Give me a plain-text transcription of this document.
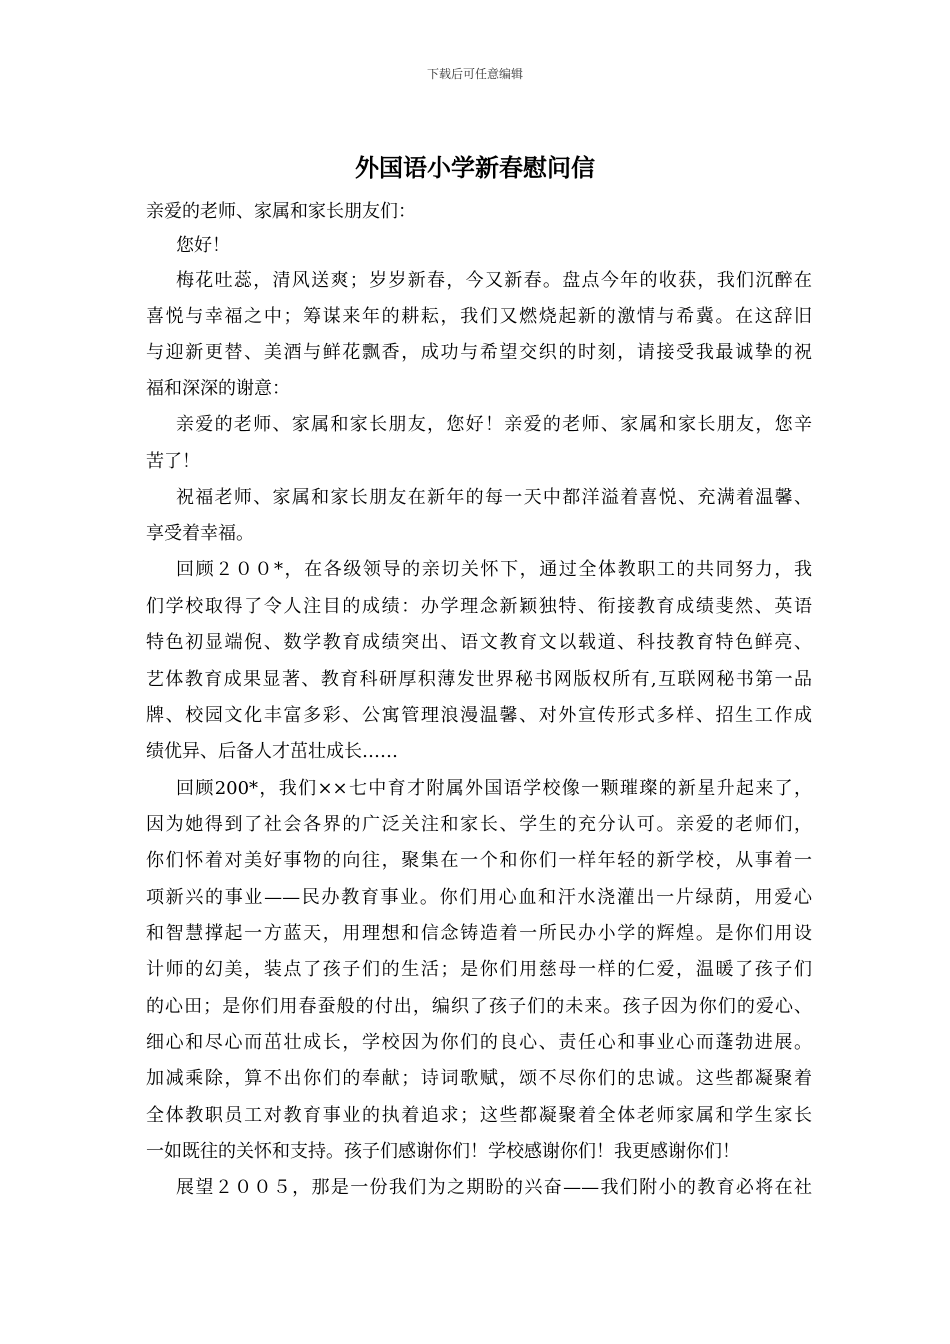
下载后可任意编辑
外国语小学新春慰问信
亲爱的老师、家属和家长朋友们：
您好！
梅花吐蕊，清风送爽；岁岁新春，今又新春。盘点今年的收获，我们沉醉在
喜悦与幸福之中；筹谋来年的耕耘，我们又燃烧起新的激情与希冀。在这辞旧
与迎新更替、美酒与鲜花飘香，成功与希望交织的时刻，请接受我最诚挚的祝
福和深深的谢意：
亲爱的老师、家属和家长朋友，您好！亲爱的老师、家属和家长朋友，您辛
苦了！
祝福老师、家属和家长朋友在新年的每一天中都洋溢着喜悦、充满着温馨、
享受着幸福。
回顾２００*，在各级领导的亲切关怀下，通过全体教职工的共同努力，我
们学校取得了令人注目的成绩：办学理念新颖独特、衔接教育成绩斐然、英语
特色初显端倪、数学教育成绩突出、语文教育文以载道、科技教育特色鲜亮、
艺体教育成果显著、教育科研厚积薄发世界秘书网版权所有,互联网秘书第一品
牌、校园文化丰富多彩、公寓管理浪漫温馨、对外宣传形式多样、招生工作成
绩优异、后备人才茁壮成长……
回顾200*，我们××七中育才附属外国语学校像一颗璀璨的新星升起来了，
因为她得到了社会各界的广泛关注和家长、学生的充分认可。亲爱的老师们，
你们怀着对美好事物的向往，聚集在一个和你们一样年轻的新学校，从事着一
项新兴的事业——民办教育事业。你们用心血和汗水浇灌出一片绿荫，用爱心
和智慧撑起一方蓝天，用理想和信念铸造着一所民办小学的辉煌。是你们用设
计师的幻美，装点了孩子们的生活；是你们用慈母一样的仁爱，温暖了孩子们
的心田；是你们用春蚕般的付出，编织了孩子们的未来。孩子因为你们的爱心、
细心和尽心而茁壮成长，学校因为你们的良心、责任心和事业心而蓬勃进展。
加减乘除，算不出你们的奉献；诗词歌赋，颂不尽你们的忠诚。这些都凝聚着
全体教职员工对教育事业的执着追求；这些都凝聚着全体老师家属和学生家长
一如既往的关怀和支持。孩子们感谢你们！学校感谢你们！我更感谢你们！
展望２００５，那是一份我们为之期盼的兴奋——我们附小的教育必将在社
